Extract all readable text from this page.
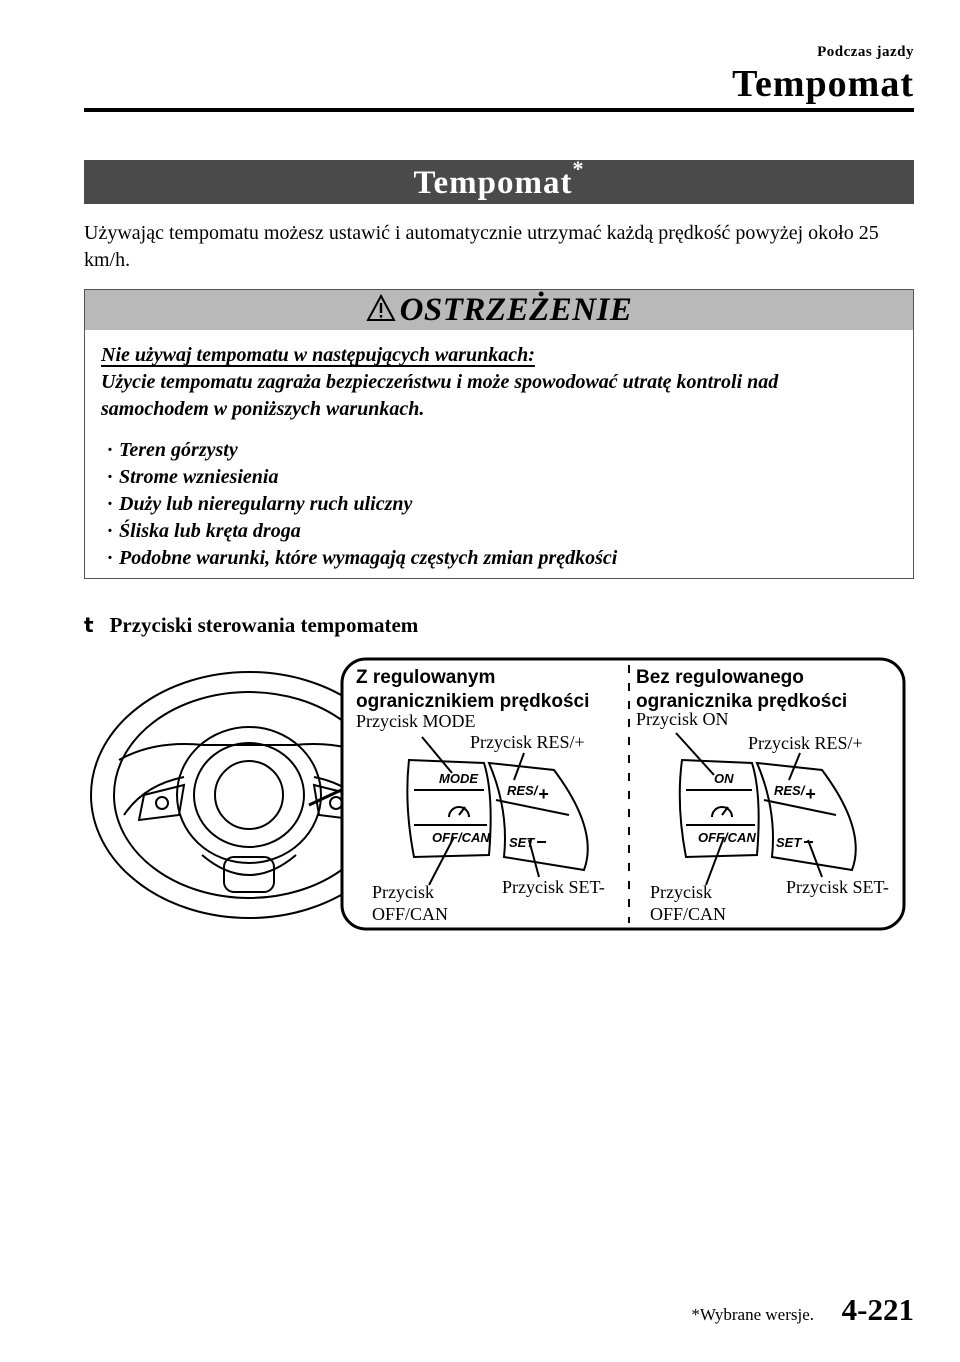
Podczas jazdy
Tempomat
Tempomat*
Używając tempomatu możesz ustawić i automatycznie utrzymać każdą prędkość powyżej około 25 km/h.
OSTRZEŻENIE
Nie używaj tempomatu w następujących warunkach:
Użycie tempomatu zagraża bezpieczeństwu i może spowodować utratę kontroli nad samochodem w poniższych warunkach.
· Teren górzysty
· Strome wzniesienia
· Duży lub nieregularny ruch uliczny
· Śliska lub kręta droga
· Podobne warunki, które wymagają częstych zmian prędkości
t Przyciski sterowania tempomatem
Z regulowanym
ogranicznikiem prędkości
Przycisk MODE
Przycisk RES/+
Przycisk
OFF/CAN
Przycisk SET-
MODE
RES/ +
OFF/CAN SET −
Bez regulowanego
ogranicznika prędkości
Przycisk ON
Przycisk RES/+
Przycisk
OFF/CAN
Przycisk SET-
ON
RES/ +
OFF/CAN SET −
*Wybrane wersje. 4-221
